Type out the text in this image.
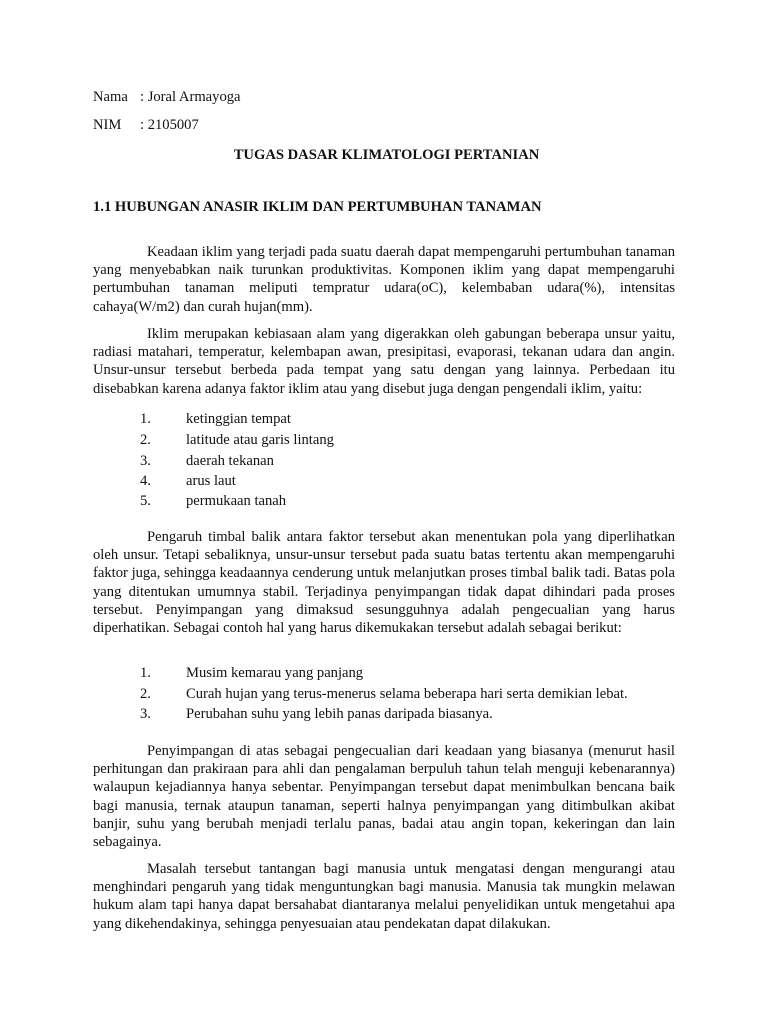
Nama : Joral Armayoga
NIM : 2105007
TUGAS DASAR KLIMATOLOGI PERTANIAN
1.1 HUBUNGAN ANASIR IKLIM DAN PERTUMBUHAN TANAMAN

Keadaan iklim yang terjadi pada suatu daerah dapat mempengaruhi pertumbuhan tanaman yang menyebabkan naik turunkan produktivitas. Komponen iklim yang dapat mempengaruhi pertumbuhan tanaman meliputi tempratur udara(oC), kelembaban udara(%), intensitas cahaya(W/m2) dan curah hujan(mm).

Iklim merupakan kebiasaan alam yang digerakkan oleh gabungan beberapa unsur yaitu, radiasi matahari, temperatur, kelembapan awan, presipitasi, evaporasi, tekanan udara dan angin. Unsur-unsur tersebut berbeda pada tempat yang satu dengan yang lainnya. Perbedaan itu disebabkan karena adanya faktor iklim atau yang disebut juga dengan pengendali iklim, yaitu:

1. ketinggian tempat
2. latitude atau garis lintang
3. daerah tekanan
4. arus laut
5. permukaan tanah

Pengaruh timbal balik antara faktor tersebut akan menentukan pola yang diperlihatkan oleh unsur. Tetapi sebaliknya, unsur-unsur tersebut pada suatu batas tertentu akan mempengaruhi faktor juga, sehingga keadaannya cenderung untuk melanjutkan proses timbal balik tadi. Batas pola yang ditentukan umumnya stabil. Terjadinya penyimpangan tidak dapat dihindari pada proses tersebut. Penyimpangan yang dimaksud sesungguhnya adalah pengecualian yang harus diperhatikan. Sebagai contoh hal yang harus dikemukakan tersebut adalah sebagai berikut:

1. Musim kemarau yang panjang
2. Curah hujan yang terus-menerus selama beberapa hari serta demikian lebat.
3. Perubahan suhu yang lebih panas daripada biasanya.

Penyimpangan di atas sebagai pengecualian dari keadaan yang biasanya (menurut hasil perhitungan dan prakiraan para ahli dan pengalaman berpuluh tahun telah menguji kebenarannya) walaupun kejadiannya hanya sebentar. Penyimpangan tersebut dapat menimbulkan bencana baik bagi manusia, ternak ataupun tanaman, seperti halnya penyimpangan yang ditimbulkan akibat banjir, suhu yang berubah menjadi terlalu panas, badai atau angin topan, kekeringan dan lain sebagainya.

Masalah tersebut tantangan bagi manusia untuk mengatasi dengan mengurangi atau menghindari pengaruh yang tidak menguntungkan bagi manusia. Manusia tak mungkin melawan hukum alam tapi hanya dapat bersahabat diantaranya melalui penyelidikan untuk mengetahui apa yang dikehendakinya, sehingga penyesuaian atau pendekatan dapat dilakukan.
